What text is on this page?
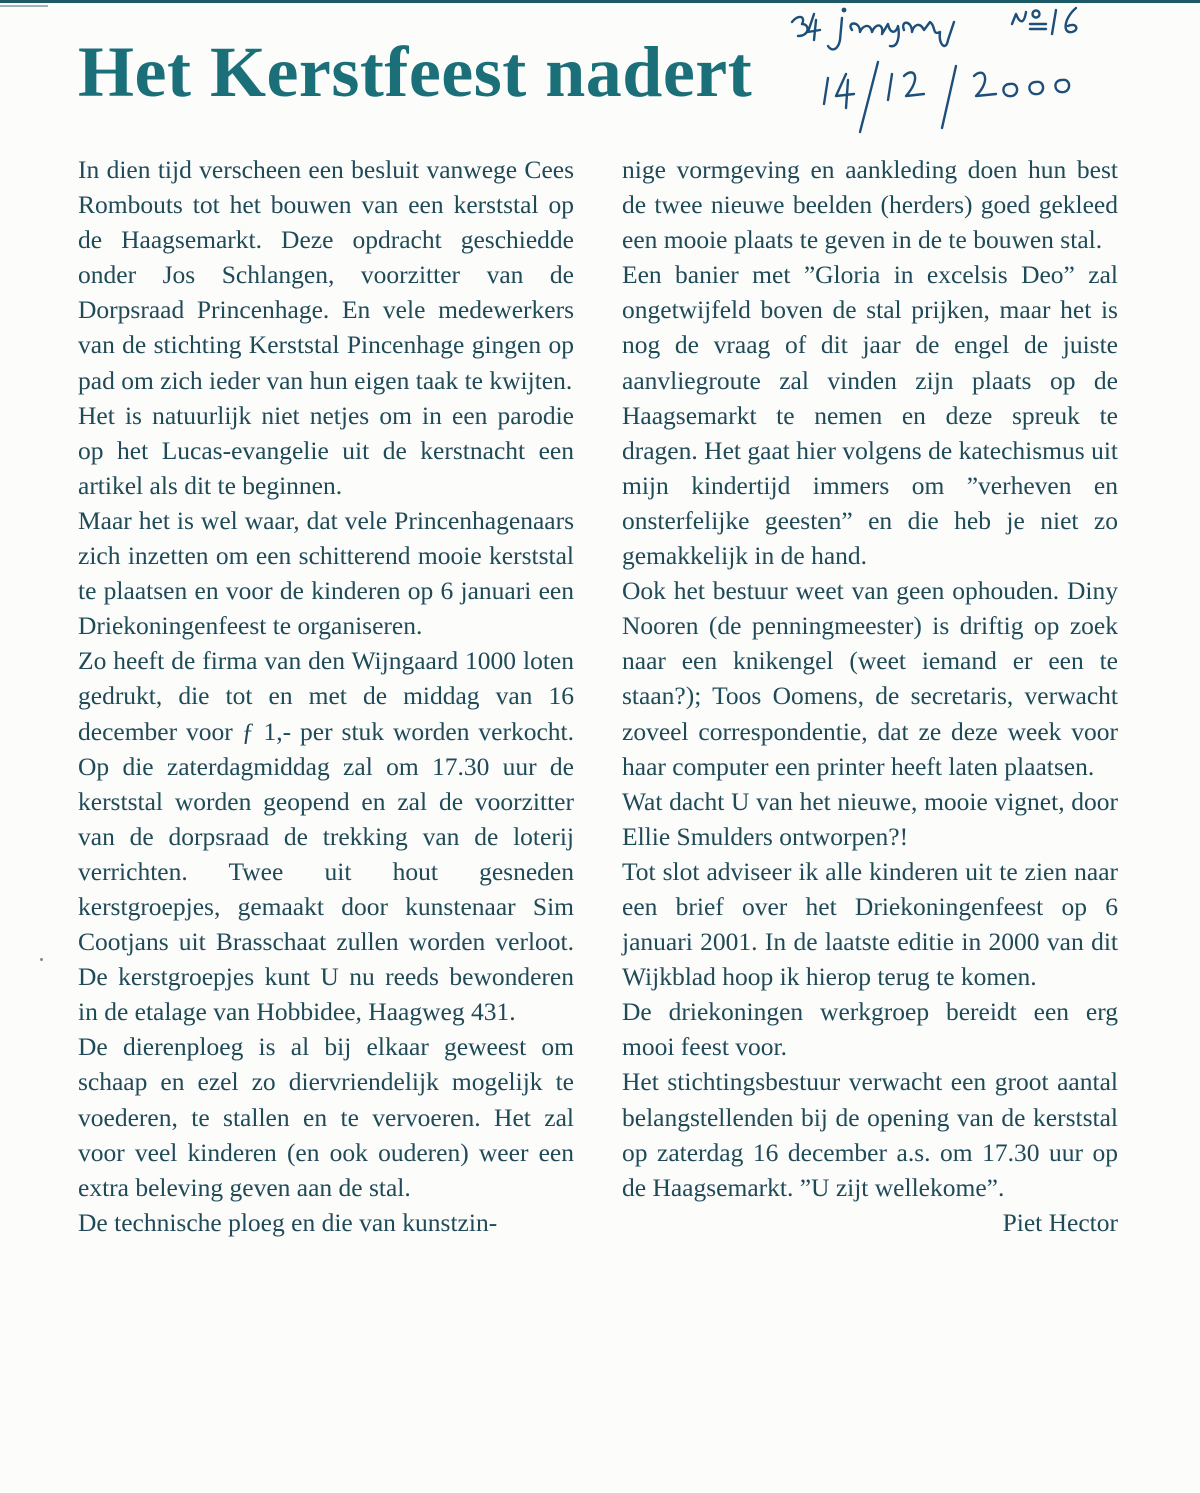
Het Kerstfeest nadert

In dien tijd verscheen een besluit vanwege Cees Rombouts tot het bouwen van een kerststal op de Haagsemarkt. Deze opdracht geschiedde onder Jos Schlangen, voorzitter van de Dorpsraad Princenhage. En vele medewerkers van de stichting Kerststal Pincenhage gingen op pad om zich ieder van hun eigen taak te kwijten.

Het is natuurlijk niet netjes om in een parodie op het Lucas-evangelie uit de kerstnacht een artikel als dit te beginnen.

Maar het is wel waar, dat vele Princenhagenaars zich inzetten om een schitterend mooie kerststal te plaatsen en voor de kinderen op 6 januari een Driekoningenfeest te organiseren.

Zo heeft de firma van den Wijngaard 1000 loten gedrukt, die tot en met de middag van 16 december voor ƒ 1,- per stuk worden verkocht. Op die zaterdagmiddag zal om 17.30 uur de kerststal worden geopend en zal de voorzitter van de dorpsraad de trekking van de loterij verrichten. Twee uit hout gesneden kerstgroepjes, gemaakt door kunstenaar Sim Cootjans uit Brasschaat zullen worden verloot. De kerstgroepjes kunt U nu reeds bewonderen in de etalage van Hobbidee, Haagweg 431.

De dierenploeg is al bij elkaar geweest om schaap en ezel zo diervriendelijk mogelijk te voederen, te stallen en te vervoeren. Het zal voor veel kinderen (en ook ouderen) weer een extra beleving geven aan de stal.

De technische ploeg en die van kunstzin-

nige vormgeving en aankleding doen hun best de twee nieuwe beelden (herders) goed gekleed een mooie plaats te geven in de te bouwen stal.

Een banier met ”Gloria in excelsis Deo” zal ongetwijfeld boven de stal prijken, maar het is nog de vraag of dit jaar de engel de juiste aanvliegroute zal vinden zijn plaats op de Haagsemarkt te nemen en deze spreuk te dragen. Het gaat hier volgens de katechismus uit mijn kindertijd immers om ”verheven en onsterfelijke geesten” en die heb je niet zo gemakkelijk in de hand.

Ook het bestuur weet van geen ophouden. Diny Nooren (de penningmeester) is driftig op zoek naar een knikengel (weet iemand er een te staan?); Toos Oomens, de secretaris, verwacht zoveel correspondentie, dat ze deze week voor haar computer een printer heeft laten plaatsen.

Wat dacht U van het nieuwe, mooie vignet, door Ellie Smulders ontworpen?!

Tot slot adviseer ik alle kinderen uit te zien naar een brief over het Driekoningenfeest op 6 januari 2001. In de laatste editie in 2000 van dit Wijkblad hoop ik hierop terug te komen.

De driekoningen werkgroep bereidt een erg mooi feest voor.

Het stichtingsbestuur verwacht een groot aantal belangstellenden bij de opening van de kerststal op zaterdag 16 december a.s. om 17.30 uur op de Haagsemarkt. ”U zijt wellekome”.

Piet Hector
